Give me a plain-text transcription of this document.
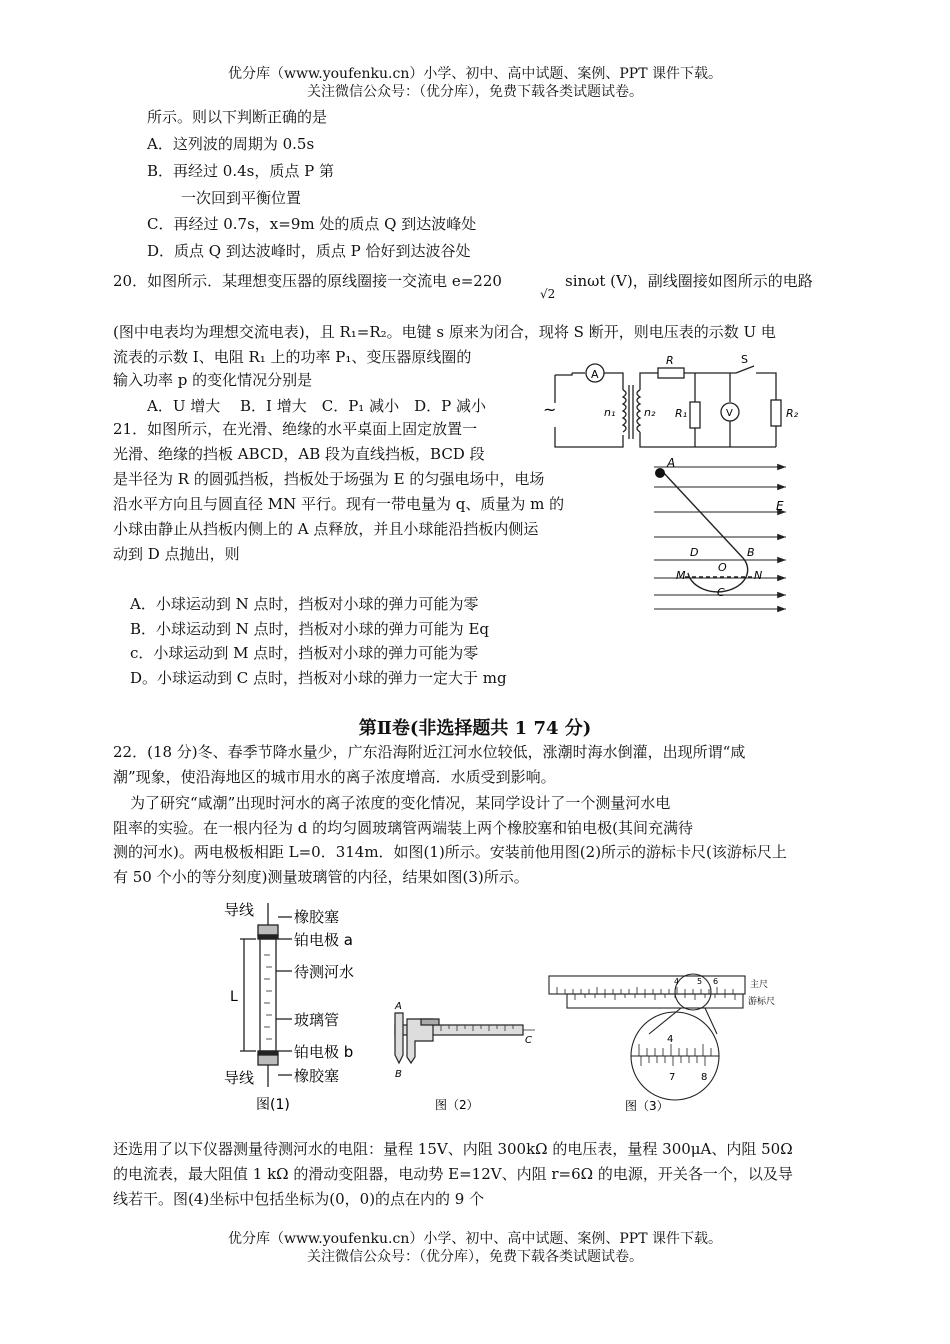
优分库（www.youfenku.cn）小学、初中、高中试题、案例、PPT 课件下载。
关注微信公众号：（优分库），免费下载各类试题试卷。
所示。则以下判断正确的是
A．这列波的周期为 0.5s
B．再经过 0.4s，质点 P 第
一次回到平衡位置
C．再经过 0.7s，x=9m 处的质点 Q 到达波峰处
D．质点 Q 到达波峰时，质点 P 恰好到达波谷处
20．如图所示．某理想变压器的原线圈接一交流电 e=220
√2
sinωt (V)，副线圈接如图所示的电路
(图中电表均为理想交流电表)，且 R₁=R₂。电键 s 原来为闭合，现将 S 断开，则电压表的示数 U 电
流表的示数 I、电阻 R₁ 上的功率 P₁、变压器原线圈的
输入功率 p 的变化情况分别是
A．U 增大　 B．I 增大　C．P₁ 减小　D．P 减小	~
A
R	S
n₁	n₂ R₁	V	R₂
21．如图所示，在光滑、绝缘的水平桌面上固定放置一
光滑、绝缘的挡板 ABCD，AB 段为直线挡板，BCD 段
是半径为 R 的圆弧挡板，挡板处于场强为 E 的匀强电场中，电场
沿水平方向且与圆直径 MN 平行。现有一带电量为 q、质量为 m 的
小球由静止从挡板内侧上的 A 点释放，并且小球能沿挡板内侧运
动到 D 点抛出，则
A．小球运动到 N 点时，挡板对小球的弹力可能为零
B．小球运动到 N 点时，挡板对小球的弹力可能为 Eq
c．小球运动到 M 点时，挡板对小球的弹力可能为零
D。小球运动到 C 点时，挡板对小球的弹力一定大于 mg
A
E
D	B
O
M	N
C
第Ⅱ卷(非选择题共 1 74 分)
22．(18 分)冬、春季节降水量少，广东沿海附近江河水位较低，涨潮时海水倒灌，出现所谓“咸
潮”现象，使沿海地区的城市用水的离子浓度增高．水质受到影响。
为了研究“咸潮”出现时河水的离子浓度的变化情况，某同学设计了一个测量河水电
阻率的实验。在一根内径为 d 的均匀圆玻璃管两端装上两个橡胶塞和铂电极(其间充满待
测的河水)。两电极板相距 L=0．314m．如图(1)所示。安装前他用图(2)所示的游标卡尺(该游标尺上
有 50 个小的等分刻度)测量玻璃管的内径，结果如图(3)所示。
导线	橡胶塞
铂电极 a
待测河水
L
玻璃管
铂电极 b
导线	橡胶塞
图(1)
A
B
C
图（2）
4 5 6	主尺
游标尺
4
7	8
图（3）
还选用了以下仪器测量待测河水的电阻：量程 15V、内阻 300kΩ 的电压表，量程 300μA、内阻 50Ω
的电流表，最大阻值 1 kΩ 的滑动变阻器，电动势 E=12V、内阻 r=6Ω 的电源，开关各一个，以及导
线若干。图(4)坐标中包括坐标为(0，0)的点在内的 9 个
优分库（www.youfenku.cn）小学、初中、高中试题、案例、PPT 课件下载。
关注微信公众号：（优分库），免费下载各类试题试卷。
